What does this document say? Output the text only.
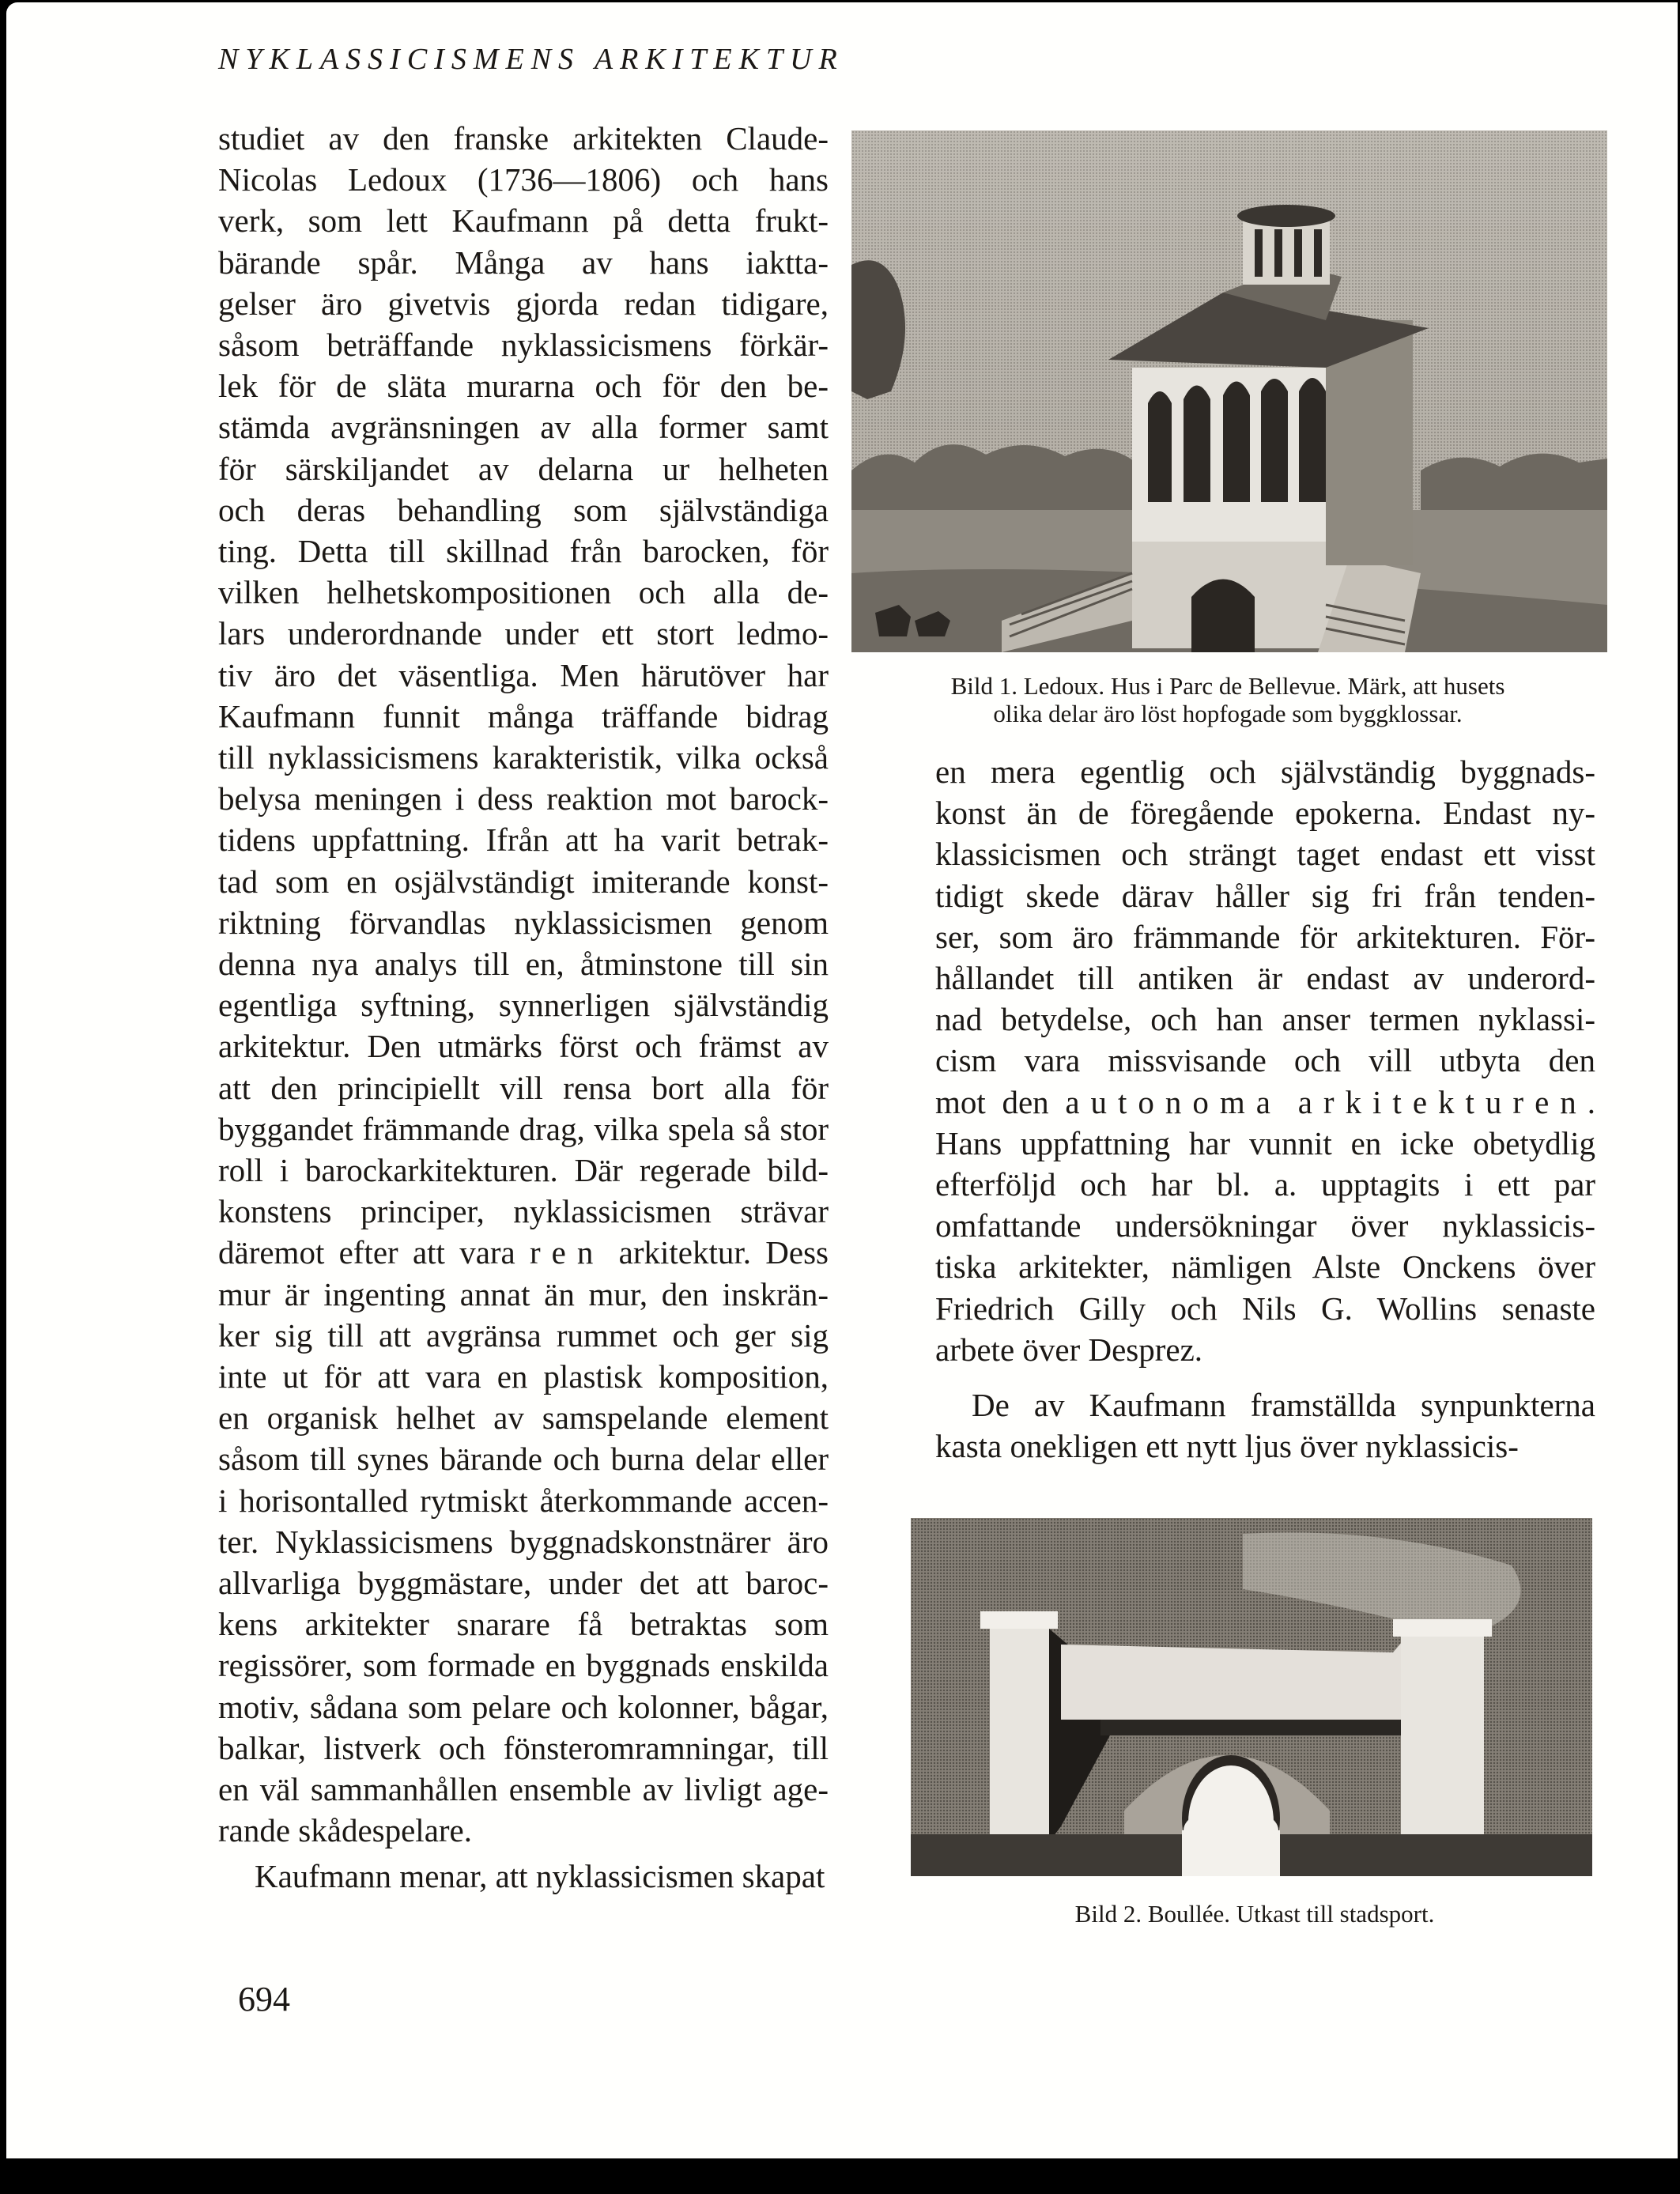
NYKLASSICISMENS ARKITEKTUR
studiet av den franske arkitekten Claude-
Nicolas Ledoux (1736—1806) och hans
verk, som lett Kaufmann på detta frukt-
bärande spår. Många av hans iaktta-
gelser äro givetvis gjorda redan tidigare,
såsom beträffande nyklassicismens förkär-
lek för de släta murarna och för den be-
stämda avgränsningen av alla former samt
för särskiljandet av delarna ur helheten
och deras behandling som självständiga
ting. Detta till skillnad från barocken, för
vilken helhetskompositionen och alla de-
lars underordnande under ett stort ledmo-
tiv äro det väsentliga. Men härutöver har
Kaufmann funnit många träffande bidrag
till nyklassicismens karakteristik, vilka också
belysa meningen i dess reaktion mot barock-
tidens uppfattning. Ifrån att ha varit betrak-
tad som en osjälvständigt imiterande konst-
riktning förvandlas nyklassicismen genom
denna nya analys till en, åtminstone till sin
egentliga syftning, synnerligen självständig
arkitektur. Den utmärks först och främst av
att den principiellt vill rensa bort alla för
byggandet främmande drag, vilka spela så stor
roll i barockarkitekturen. Där regerade bild-
konstens principer, nyklassicismen strävar
däremot efter att vara ren arkitektur. Dess
mur är ingenting annat än mur, den inskrän-
ker sig till att avgränsa rummet och ger sig
inte ut för att vara en plastisk komposition,
en organisk helhet av samspelande element
såsom till synes bärande och burna delar eller
i horisontalled rytmiskt återkommande accen-
ter. Nyklassicismens byggnadskonstnärer äro
allvarliga byggmästare, under det att baroc-
kens arkitekter snarare få betraktas som
regissörer, som formade en byggnads enskilda
motiv, sådana som pelare och kolonner, bågar,
balkar, listverk och fönsteromramningar, till
en väl sammanhållen ensemble av livligt age-
rande skådespelare.
Kaufmann menar, att nyklassicismen skapat
en mera egentlig och självständig byggnads-
konst än de föregående epokerna. Endast ny-
klassicismen och strängt taget endast ett visst
tidigt skede därav håller sig fri från tenden-
ser, som äro främmande för arkitekturen. För-
hållandet till antiken är endast av underord-
nad betydelse, och han anser termen nyklassi-
cism vara missvisande och vill utbyta den
mot den autonoma arkitekturen.
Hans uppfattning har vunnit en icke obetydlig
efterföljd och har bl. a. upptagits i ett par
omfattande undersökningar över nyklassicis-
tiska arkitekter, nämligen Alste Onckens över
Friedrich Gilly och Nils G. Wollins senaste
arbete över Desprez.
De av Kaufmann framställda synpunkterna
kasta onekligen ett nytt ljus över nyklassicis-
Bild 1. Ledoux. Hus i Parc de Bellevue. Märk, att husets
olika delar äro löst hopfogade som byggklossar.
Bild 2. Boullée. Utkast till stadsport.
694
